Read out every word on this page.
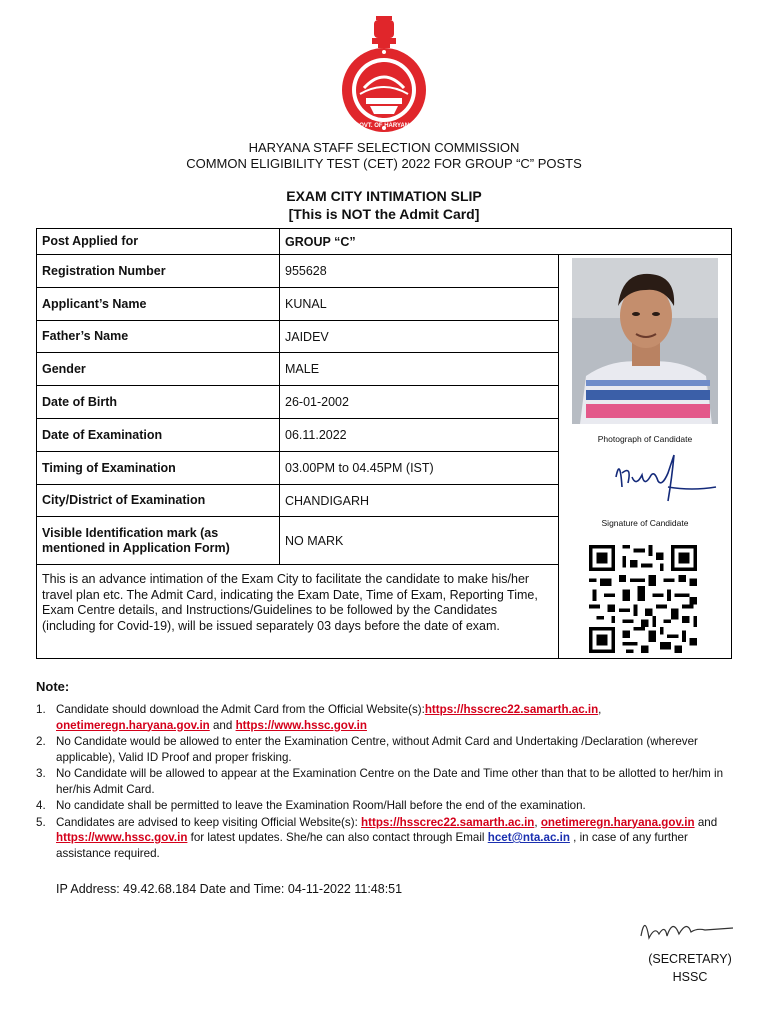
GOVT. OF HARYANA
HARYANA STAFF SELECTION COMMISSION
COMMON ELIGIBILITY TEST (CET) 2022 FOR GROUP “C” POSTS
EXAM CITY INTIMATION SLIP
[This is NOT the Admit Card]
Post Applied for	GROUP “C”
Registration Number	955628
Applicant’s Name	KUNAL
Father’s Name	JAIDEV
Gender	MALE
Date of Birth	26-01-2002
Date of Examination	06.11.2022
Timing of Examination	03.00PM to 04.45PM (IST)
City/District of Examination	CHANDIGARH
Visible Identification mark (as mentioned in Application Form)	NO MARK
Photograph of Candidate
Kunal
Signature of Candidate
This is an advance intimation of the Exam City to facilitate the candidate to make his/her travel plan etc. The Admit Card, indicating the Exam Date, Time of Exam, Reporting Time, Exam Centre details, and Instructions/Guidelines to be followed by the Candidates (including for Covid-19), will be issued separately 03 days before the date of exam.
Note:
1. Candidate should download the Admit Card from the Official Website(s):https://hsscrec22.samarth.ac.in, onetimeregn.haryana.gov.in and https://www.hssc.gov.in
2. No Candidate would be allowed to enter the Examination Centre, without Admit Card and Undertaking /Declaration (wherever applicable), Valid ID Proof and proper frisking.
3. No Candidate will be allowed to appear at the Examination Centre on the Date and Time other than that to be allotted to her/him in her/his Admit Card.
4. No candidate shall be permitted to leave the Examination Room/Hall before the end of the examination.
5. Candidates are advised to keep visiting Official Website(s): https://hsscrec22.samarth.ac.in, onetimeregn.haryana.gov.in and https://www.hssc.gov.in for latest updates. She/he can also contact through Email hcet@nta.ac.in , in case of any further assistance required.
IP Address: 49.42.68.184 Date and Time: 04-11-2022 11:48:51
(SECRETARY)
HSSC
